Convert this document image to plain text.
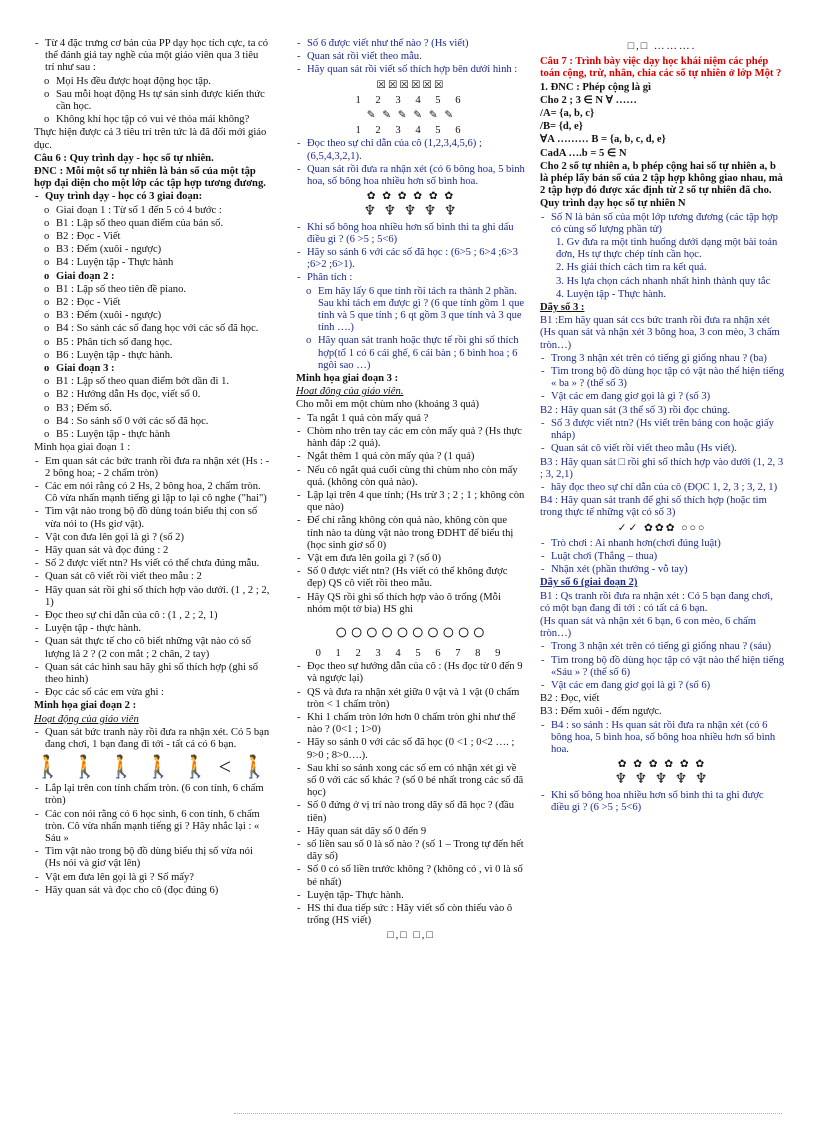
- Từ 4 đặc trưng cơ bản của PP dạy học tích cực, ta có thể đánh giá tay nghề của một giáo viên qua 3 tiêu trí như sau :
o Mọi Hs đều được hoạt động học tập.
o Sau mỗi hoạt động Hs tự sản sinh được kiến thức cần học.
o Không khí học tập có vui vẻ thỏa mái không?
Thực hiện được cả 3 tiêu trí trên tức là đã đổi mới giáo dục.
Câu 6 : Quy trình dạy - học số tự nhiên.
ĐNC : Mỗi một số tự nhiên là bản số của một tập hợp đại diện cho một lớp các tập hợp tương đương.
- Quy trình dạy - học có 3 giai đoạn:
o Giai đoạn 1 : Từ số 1 đến 5 có 4 bước :
o B1 : Lập số theo quan điểm của bản số.
o B2 : Đọc - Viết
o B3 : Đếm (xuôi - ngược)
o B4 : Luyện tập - Thực hành
o Giai đoạn 2 :
o B1 : Lập số theo tiên đề piano.
o B2 : Đọc - Viết
o B3 : Đếm (xuôi - ngược)
o B4 : So sánh các số đang học với các số đã học.
o B5 : Phân tích số đang học.
o B6 : Luyện tập - thực hành.
o Giai đoạn 3 :
o B1 : Lập số theo quan điểm bớt dần đi 1.
o B2 : Hướng dẫn Hs đọc, viết số 0.
o B3 ; Đếm số.
o B4 : So sánh số 0 với các số đã học.
o B5 : Luyện tập - thực hành
Minh họa giai đoạn 1 :
- Em quan sát các bức tranh rồi đưa ra nhận xét (Hs : - 2 bông hoa; - 2 chấm tròn)
- Các em nói rằng có 2 Hs, 2 bông hoa, 2 chấm tròn. Cô vừa nhấn mạnh tiếng gì lập to lại cô nghe ("hai")
- Tìm vật nào trong bộ đồ dùng toán biểu thị con số vừa nói to (Hs giơ vật).
- Vật con đưa lên gọi là gì ? (số 2)
- Hãy quan sát và đọc đúng : 2
- Số 2 được viết ntn? Hs viết có thể chưa đúng mẫu.
- Quan sát cô viết rồi viết theo mẫu : 2
- Hãy quan sát rồi ghi số thích hợp vào dưới. (1 , 2 ; 2, 1)
- Đọc theo sự chỉ dẫn của cô : (1 , 2 ; 2, 1)
- Luyện tập - thực hành.
- Quan sát thực tế cho cô biết những vật nào có số lượng là 2 ? (2 con mắt ; 2 chân, 2 tay)
- Quan sát các hình sau hãy ghi số thích hợp (ghi số theo hình)
- Đọc các số các em vừa ghi :
Minh họa giai đoạn 2 :
Hoạt động của giáo viên
- Quan sát bức tranh này rồi đưa ra nhận xét. Có 5 bạn đang chơi, 1 bạn đang đi tới - tất cả có 6 bạn.
🚶 🚶 🚶 🚶 🚶 < 🚶
- Lắp lại trên con tính chấm tròn. (6 con tính, 6 chấm tròn)
- Các con nói rằng có 6 học sinh, 6 con tính, 6 chấm tròn. Cô vừa nhấn mạnh tiếng gì ? Hãy nhắc lại : « Sáu »
- Tìm vật nào trong bộ đồ dùng biểu thị số vừa nói (Hs nói và giơ vật lên)
- Vật em đưa lên gọi là gì ? Số mấy?
- Hãy quan sát và đọc cho cô (đọc đúng 6)
- Số 6 được viết như thế nào ? (Hs viết)
- Quan sát rồi viết theo mẫu.
- Hãy quan sát rồi viết số thích hợp bên dưới hình :
☒☒☒☒☒☒
1 2 3 4 5 6
✎ ✎ ✎ ✎ ✎ ✎
1 2 3 4 5 6
- Đọc theo sự chỉ dẫn của cô (1,2,3,4,5,6) ; (6,5,4,3,2,1).
- Quan sát rồi đưa ra nhận xét (có 6 bông hoa, 5 bình hoa, số bông hoa nhiều hơn số bình hoa.
✿ ✿ ✿ ✿ ✿ ✿
♆ ♆ ♆ ♆ ♆
- Khi số bông hoa nhiều hơn số bình thì ta ghi dấu điều gì ? (6 >5 ; 5<6)
- Hãy so sánh 6 với các số đã học : (6>5 ; 6>4 ;6>3 ;6>2 ;6>1).
- Phân tích :
o Em hãy lấy 6 que tính rồi tách ra thành 2 phần. Sau khi tách em được gì ? (6 que tính gồm 1 que tính và 5 que tính ; 6 qt gồm 3 que tính và 3 que tính ….)
o Hãy quan sát tranh hoặc thực tế rồi ghi số thích hợp(tổ 1 có 6 cái ghế, 6 cái bàn ; 6 bình hoa ; 6 ngôi sao …)
Minh họa giai đoạn 3 :
Hoạt động của giáo viên.
Cho mỗi em một chùm nho (khoảng 3 quả)
- Ta ngắt 1 quả còn mấy quả ?
- Chòm nho trên tay các em còn mấy quả ? (Hs thực hành đáp :2 quả).
- Ngắt thêm 1 quả còn mấy qủa ? (1 quả)
- Nếu cô ngắt quả cuối cùng thì chùm nho còn mấy quả. (không còn quả nào).
- Lập lại trên 4 que tính; (Hs trừ 3 ; 2 ; 1 ; không còn que nào)
- Để chỉ rằng không còn quả nào, không còn que tính nào ta dùng vật nào trong ĐDHT để biểu thị (học sinh giơ số 0)
- Vật em đưa lên goila gì ? (số 0)
- Số 0 được viết ntn? (Hs viết có thể không được đẹp) QS cô viết rồi theo mẫu.
- Hãy QS rồi ghi số thích hợp vào ô trống (Mỗi nhóm một tờ bìa) HS ghi
○○○○○○○○○○
0 1 2 3 4 5 6 7 8 9
- Đọc theo sự hướng dẫn của cô : (Hs đọc từ 0 đến 9 và ngược lại)
- QS và đưa ra nhận xét giữa 0 vật và 1 vật (0 chấm tròn < 1 chấm tròn)
- Khi 1 chấm tròn lớn hơn 0 chấm tròn ghi như thế nào ? (0<1 ; 1>0)
- Hãy so sánh 0 với các số đã học (0 <1 ; 0<2 …. ; 9>0 ; 8>0….).
- Sau khi so sánh xong các số em có nhận xét gì về số 0 với các số khác ? (số 0 bé nhất trong các số đã học)
- Số 0 đứng ở vị trí nào trong dãy số đã học ? (đầu tiên)
- Hãy quan sát dãy số 0 đến 9
- số liền sau số 0 là số nào ? (số 1 – Trong tự đến hết dãy số)
- Số 0 có số liền trước không ? (không có , vì 0 là số bé nhất)
- Luyện tập- Thực hành.
- HS thi đua tiếp sức : Hãy viết số còn thiếu vào ô trống (HS viết)
□,□ □,□
□,□ ……….
Câu 7 : Trình bày việc dạy học khái niệm các phép toán cộng, trừ, nhân, chia các số tự nhiên ở lớp Một ?
1. ĐNC : Phép cộng là gì
Cho 2 ; 3 ∈ N ∀ ……
/A= {a, b, c}
/B= {d, e}
∀A ……… B = {a, b, c, d, e}
CadA ….b = 5 ∈ N
Cho 2 số tự nhiên a, b phép cộng hai số tự nhiên a, b là phép lấy bản số của 2 tập hợp không giao nhau, mà 2 tập hợp đó được xác định từ 2 số tự nhiên đã cho.
Quy trình dạy học số tự nhiên N
- Số N là bản số của một lớp tương đương (các tập hợp có cùng số lượng phần tử)
1. Gv đưa ra một tình huống dưới dạng một bài toán đơn, Hs tự thực chép tính cần học.
2. Hs giải thích cách tìm ra kết quả.
3. Hs lựa chọn cách nhanh nhất hình thành quy tắc
4. Luyện tập - Thực hành.
Dãy số 3 :
B1 :Em hãy quan sát ccs bức tranh rồi đưa ra nhận xét (Hs quan sát và nhận xét 3 bông hoa, 3 con mèo, 3 chấm tròn…)
- Trong 3 nhận xét trên có tiếng gì giống nhau ? (ba)
- Tìm trong bộ đồ dùng học tập có vật nào thể hiện tiếng « ba » ? (thể số 3)
- Vật các em đang giơ gọi là gì ? (số 3)
B2 : Hãy quan sát (3 thể số 3) rồi đọc chúng.
- Số 3 được viết ntn? (Hs viết trên bảng con hoặc giấy nháp)
- Quan sát cô viết rồi viết theo mẫu (Hs viết).
B3 : Hãy quan sát □ rồi ghi số thích hợp vào dưới (1, 2, 3 ; 3, 2,1)
- hãy đọc theo sự chỉ dẫn của cô (ĐỌC 1, 2, 3 ; 3, 2, 1)
B4 : Hãy quan sát tranh để ghi số thích hợp (hoặc tìm trong thực tế những vật có số 3)
✓✓ ✿✿✿ ○○○
- Trò chơi : Ai nhanh hơn(chơi đúng luật)
- Luật chơi (Thắng – thua)
- Nhận xét (phần thưởng - vỗ tay)
Dãy số 6 (giai đoạn 2)
B1 : Qs tranh rồi đưa ra nhận xét : Có 5 bạn đang chơi, có một bạn đang đi tới : có tất cả 6 bạn.
(Hs quan sát và nhận xét 6 bạn, 6 con mèo, 6 chấm tròn…)
- Trong 3 nhận xét trên có tiếng gì giống nhau ? (sáu)
- Tìm trong bộ đồ dùng học tập có vật nào thể hiện tiếng «Sáu » ? (thể số 6)
- Vật các em đang giơ gọi là gì ? (số 6)
B2 : Đọc, viết
B3 : Đếm xuôi - đếm ngược.
- B4 : so sánh : Hs quan sát rồi đưa ra nhận xét (có 6 bông hoa, 5 bình hoa, số bông hoa nhiều hơn số bình hoa.
✿ ✿ ✿ ✿ ✿ ✿
♆ ♆ ♆ ♆ ♆
- Khi số bông hoa nhiều hơn số bình thì ta ghi được điều gì ? (6 >5 ; 5<6)
